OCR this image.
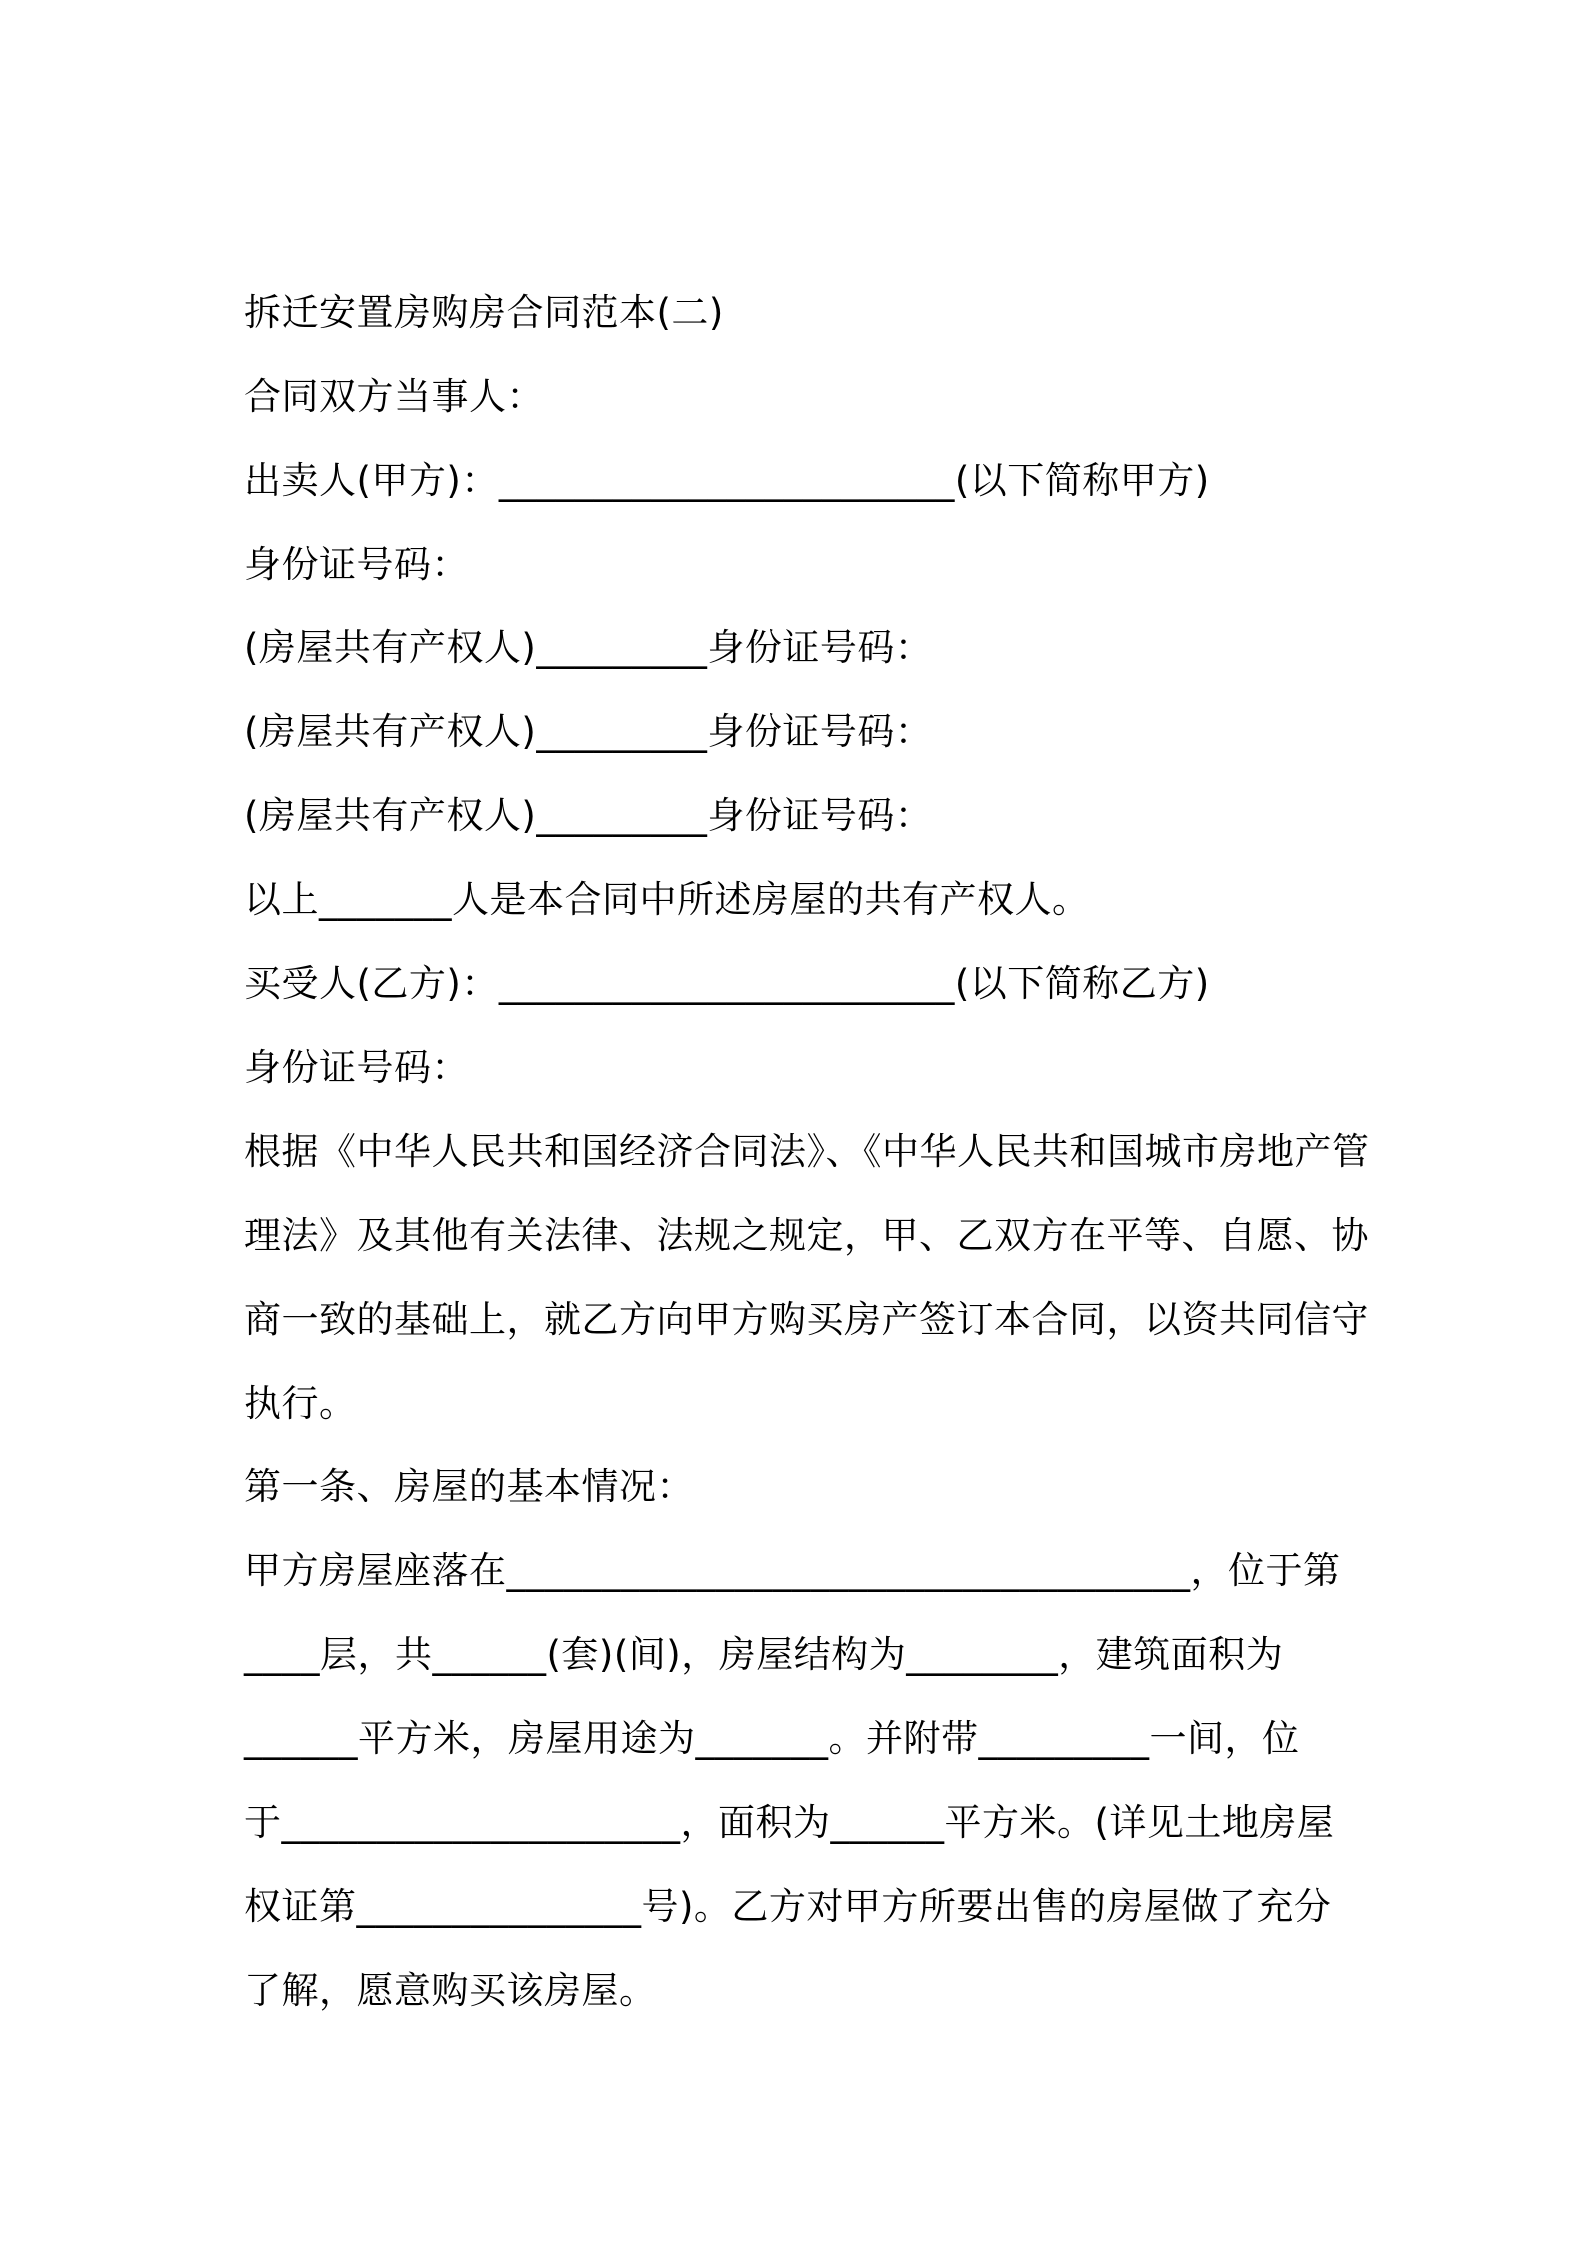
拆迁安置房购房合同范本(二)

合同双方当事人：

出卖人(甲方)：________________________(以下简称甲方)

身份证号码：

(房屋共有产权人)_________身份证号码：

(房屋共有产权人)_________身份证号码：

(房屋共有产权人)_________身份证号码：

以上_______人是本合同中所述房屋的共有产权人。

买受人(乙方)：________________________(以下简称乙方)

身份证号码：

根据《中华人民共和国经济合同法》、《中华人民共和国城市房地产管

理法》及其他有关法律、法规之规定，甲、乙双方在平等、自愿、协

商一致的基础上，就乙方向甲方购买房产签订本合同，以资共同信守

执行。

第一条、房屋的基本情况：

甲方房屋座落在____________________________________，位于第

____层，共______(套)(间)，房屋结构为________，建筑面积为

______平方米，房屋用途为_______。并附带_________一间，位

于_____________________，面积为______平方米。(详见土地房屋

权证第_______________号)。乙方对甲方所要出售的房屋做了充分

了解，愿意购买该房屋。
